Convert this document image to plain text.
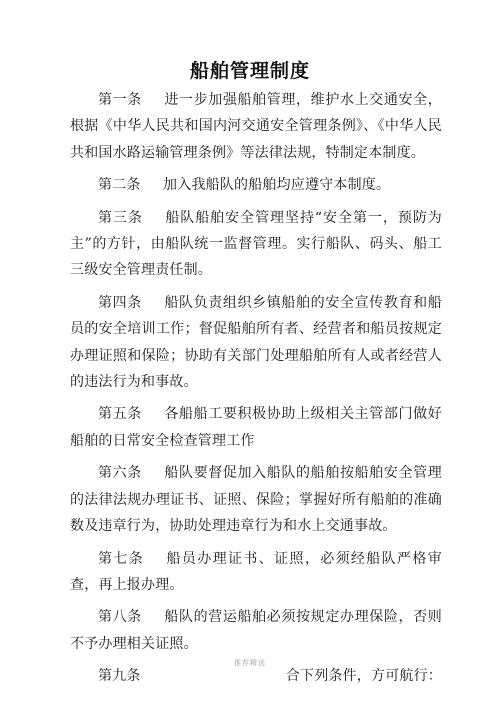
船舶管理制度

第一条 进一步加强船舶管理，维护水上交通安全，根据《中华人民共和国内河交通安全管理条例》、《中华人民共和国水路运输管理条例》等法律法规，特制定本制度。

第二条 加入我船队的船舶均应遵守本制度。

第三条 船队船舶安全管理坚持“安全第一，预防为主”的方针，由船队统一监督管理。实行船队、码头、船工三级安全管理责任制。

第四条 船队负责组织乡镇船舶的安全宣传教育和船员的安全培训工作；督促船舶所有者、经营者和船员按规定办理证照和保险；协助有关部门处理船舶所有人或者经营人的违法行为和事故。

第五条 各船船工要积极协助上级相关主管部门做好船舶的日常安全检查管理工作

第六条 船队要督促加入船队的船舶按船舶安全管理的法律法规办理证书、证照、保险；掌握好所有船舶的准确数及违章行为，协助处理违章行为和水上交通事故。

第七条 船员办理证书、证照，必须经船队严格审查，再上报办理。

第八条 船队的营运船舶必须按规定办理保险，否则不予办理相关证照。

第九条	合下列条件，方可航行：

推荐精选
